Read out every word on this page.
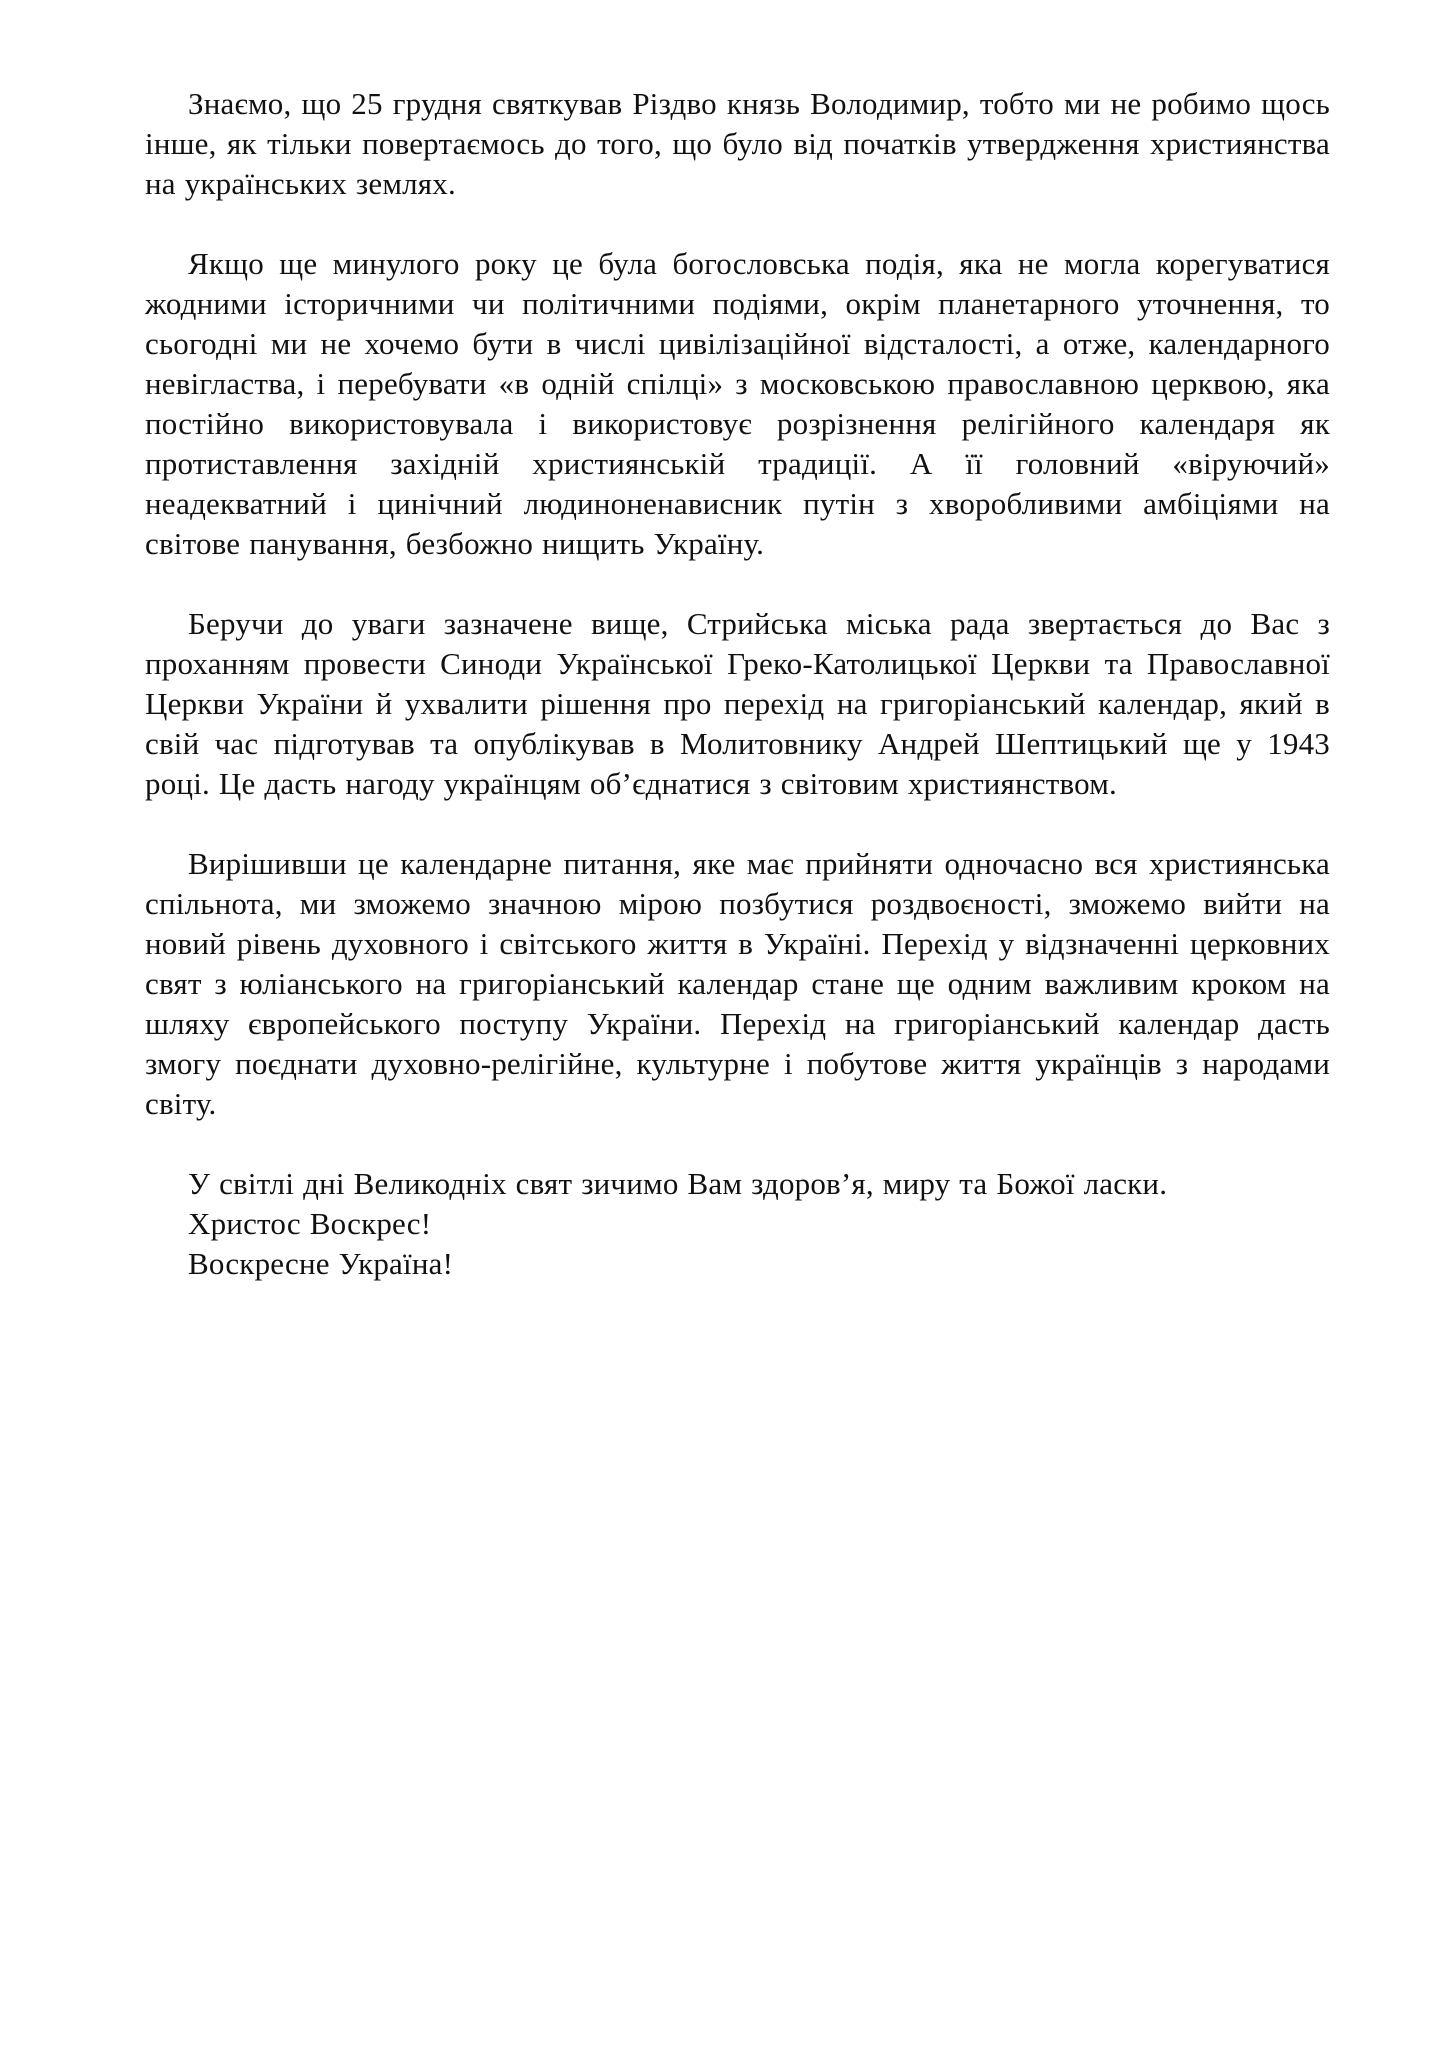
Знаємо, що 25 грудня святкував Різдво князь Володимир, тобто ми не робимо щось інше, як тільки повертаємось до того, що було від початків утвердження християнства на українських землях.

Якщо ще минулого року це була богословська подія, яка не могла корегуватися жодними історичними чи політичними подіями, окрім планетарного уточнення, то сьогодні ми не хочемо бути в числі цивілізаційної відсталості, а отже, календарного невігластва, і перебувати «в одній спілці» з московською православною церквою, яка постійно використовувала і використовує розрізнення релігійного календаря як протиставлення західній християнській традиції. А її головний «віруючий» неадекватний і цинічний людиноненависник путін з хворобливими амбіціями на світове панування, безбожно нищить Україну.

Беручи до уваги зазначене вище, Стрийська міська рада звертається до Вас з проханням провести Синоди Української Греко-Католицької Церкви та Православної Церкви України й ухвалити рішення про перехід на григоріанський календар, який в свій час підготував та опублікував в Молитовнику Андрей Шептицький ще у 1943 році. Це дасть нагоду українцям об’єднатися з світовим християнством.

Вирішивши це календарне питання, яке має прийняти одночасно вся християнська спільнота, ми зможемо значною мірою позбутися роздвоєності, зможемо вийти на новий рівень духовного і світського життя в Україні. Перехід у відзначенні церковних свят з юліанського на григоріанський календар стане ще одним важливим кроком на шляху європейського поступу України. Перехід на григоріанський календар дасть змогу поєднати духовно-релігійне, культурне і побутове життя українців з народами світу.

У світлі дні Великодніх свят зичимо Вам здоров’я, миру та Божої ласки.

Христос Воскрес!

Воскресне Україна!
